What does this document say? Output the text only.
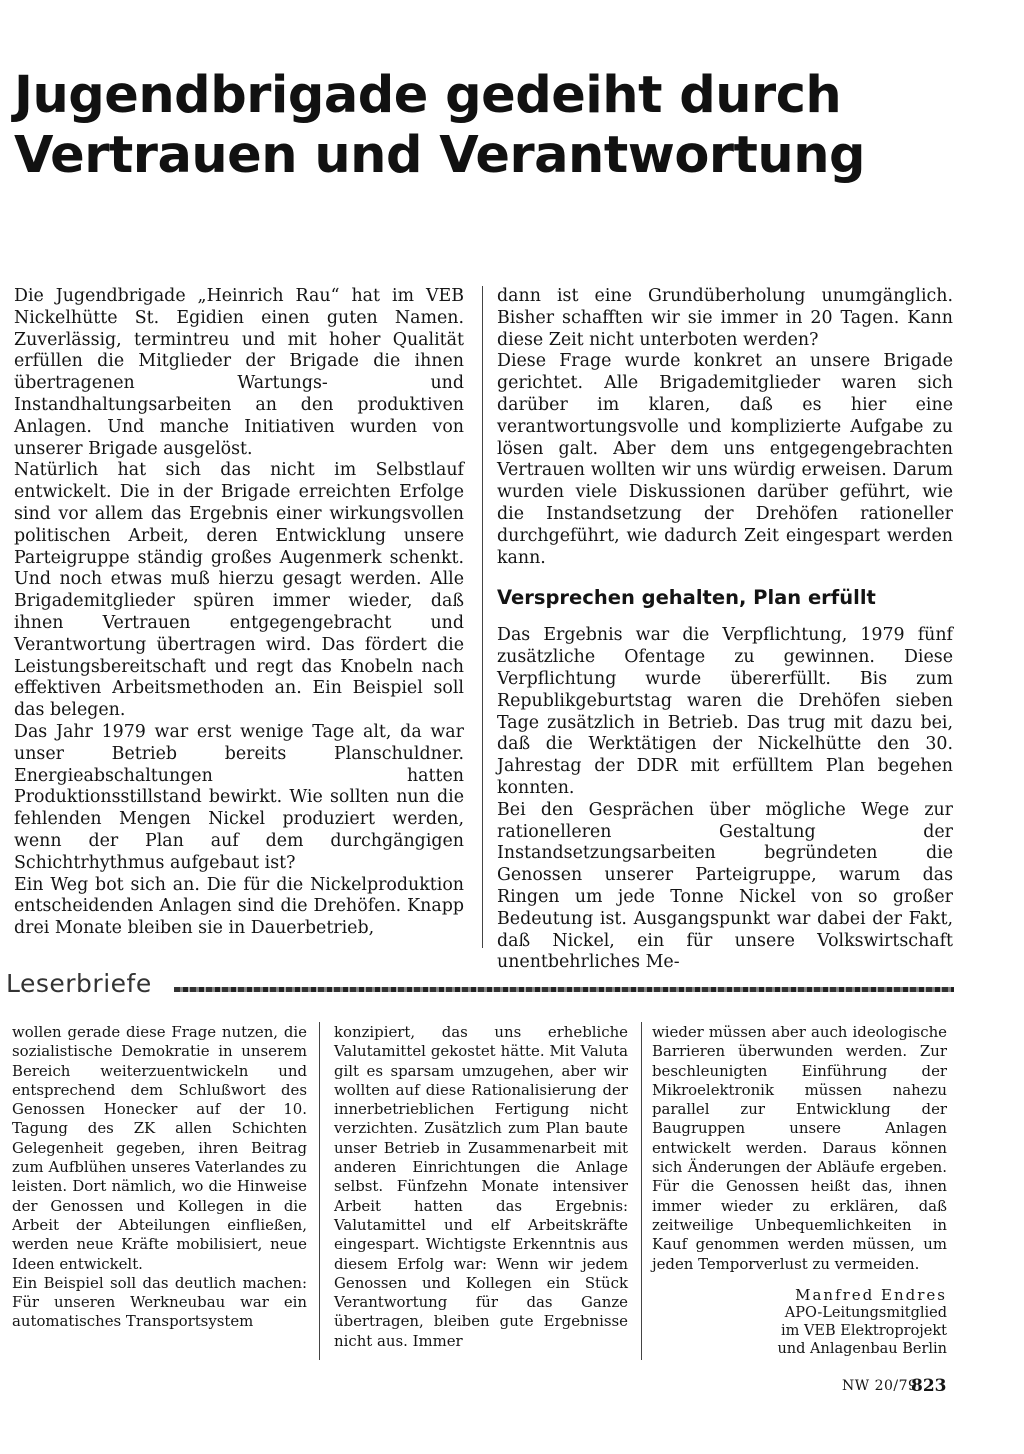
Jugendbrigade gedeiht durch
Vertrauen und Verantwortung

Die Jugendbrigade „Heinrich Rau“ hat im VEB Nickelhütte St. Egidien einen guten Namen. Zuverlässig, termintreu und mit hoher Qualität erfüllen die Mitglieder der Brigade die ihnen übertragenen Wartungs- und Instandhaltungsarbeiten an den produktiven Anlagen. Und manche Initiativen wurden von unserer Brigade ausgelöst.

Natürlich hat sich das nicht im Selbstlauf entwickelt. Die in der Brigade erreichten Erfolge sind vor allem das Ergebnis einer wirkungsvollen politischen Arbeit, deren Entwicklung unsere Parteigruppe ständig großes Augenmerk schenkt. Und noch etwas muß hierzu gesagt werden. Alle Brigademitglieder spüren immer wieder, daß ihnen Vertrauen entgegengebracht und Verantwortung übertragen wird. Das fördert die Leistungsbereitschaft und regt das Knobeln nach effektiven Arbeitsmethoden an. Ein Beispiel soll das belegen.

Das Jahr 1979 war erst wenige Tage alt, da war unser Betrieb bereits Planschuldner. Energieabschaltungen hatten Produktionsstillstand bewirkt. Wie sollten nun die fehlenden Mengen Nickel produziert werden, wenn der Plan auf dem durchgängigen Schichtrhythmus aufgebaut ist?

Ein Weg bot sich an. Die für die Nickelproduktion entscheidenden Anlagen sind die Drehöfen. Knapp drei Monate bleiben sie in Dauerbetrieb,

dann ist eine Grundüberholung unumgänglich. Bisher schafften wir sie immer in 20 Tagen. Kann diese Zeit nicht unterboten werden?

Diese Frage wurde konkret an unsere Brigade gerichtet. Alle Brigademitglieder waren sich darüber im klaren, daß es hier eine verantwortungsvolle und komplizierte Aufgabe zu lösen galt. Aber dem uns entgegengebrachten Vertrauen wollten wir uns würdig erweisen. Darum wurden viele Diskussionen darüber geführt, wie die Instandsetzung der Drehöfen rationeller durchgeführt, wie dadurch Zeit eingespart werden kann.

Versprechen gehalten, Plan erfüllt

Das Ergebnis war die Verpflichtung, 1979 fünf zusätzliche Ofentage zu gewinnen. Diese Verpflichtung wurde übererfüllt. Bis zum Republikgeburtstag waren die Drehöfen sieben Tage zusätzlich in Betrieb. Das trug mit dazu bei, daß die Werktätigen der Nickelhütte den 30. Jahrestag der DDR mit erfülltem Plan begehen konnten.

Bei den Gesprächen über mögliche Wege zur rationelleren Gestaltung der Instandsetzungsarbeiten begründeten die Genossen unserer Parteigruppe, warum das Ringen um jede Tonne Nickel von so großer Bedeutung ist. Ausgangspunkt war dabei der Fakt, daß Nickel, ein für unsere Volkswirtschaft unentbehrliches Me-

Leserbriefe

wollen gerade diese Frage nutzen, die sozialistische Demokratie in unserem Bereich weiterzuentwickeln und entsprechend dem Schlußwort des Genossen Honecker auf der 10. Tagung des ZK allen Schichten Gelegenheit gegeben, ihren Beitrag zum Aufblühen unseres Vaterlandes zu leisten. Dort nämlich, wo die Hinweise der Genossen und Kollegen in die Arbeit der Abteilungen einfließen, werden neue Kräfte mobilisiert, neue Ideen entwickelt.

Ein Beispiel soll das deutlich machen: Für unseren Werkneubau war ein automatisches Transportsystem

konzipiert, das uns erhebliche Valutamittel gekostet hätte. Mit Valuta gilt es sparsam umzugehen, aber wir wollten auf diese Rationalisierung der innerbetrieblichen Fertigung nicht verzichten. Zusätzlich zum Plan baute unser Betrieb in Zusammenarbeit mit anderen Einrichtungen die Anlage selbst. Fünfzehn Monate intensiver Arbeit hatten das Ergebnis: Valutamittel und elf Arbeitskräfte eingespart. Wichtigste Erkenntnis aus diesem Erfolg war: Wenn wir jedem Genossen und Kollegen ein Stück Verantwortung für das Ganze übertragen, bleiben gute Ergebnisse nicht aus. Immer

wieder müssen aber auch ideologische Barrieren überwunden werden. Zur beschleunigten Einführung der Mikroelektronik müssen nahezu parallel zur Entwicklung der Baugruppen unsere Anlagen entwickelt werden. Daraus können sich Änderungen der Abläufe ergeben. Für die Genossen heißt das, ihnen immer wieder zu erklären, daß zeitweilige Unbequemlichkeiten in Kauf genommen werden müssen, um jeden Temporverlust zu vermeiden.

Manfred Endres
APO-Leitungsmitglied
im VEB Elektroprojekt
und Anlagenbau Berlin
NW 20/79
823
